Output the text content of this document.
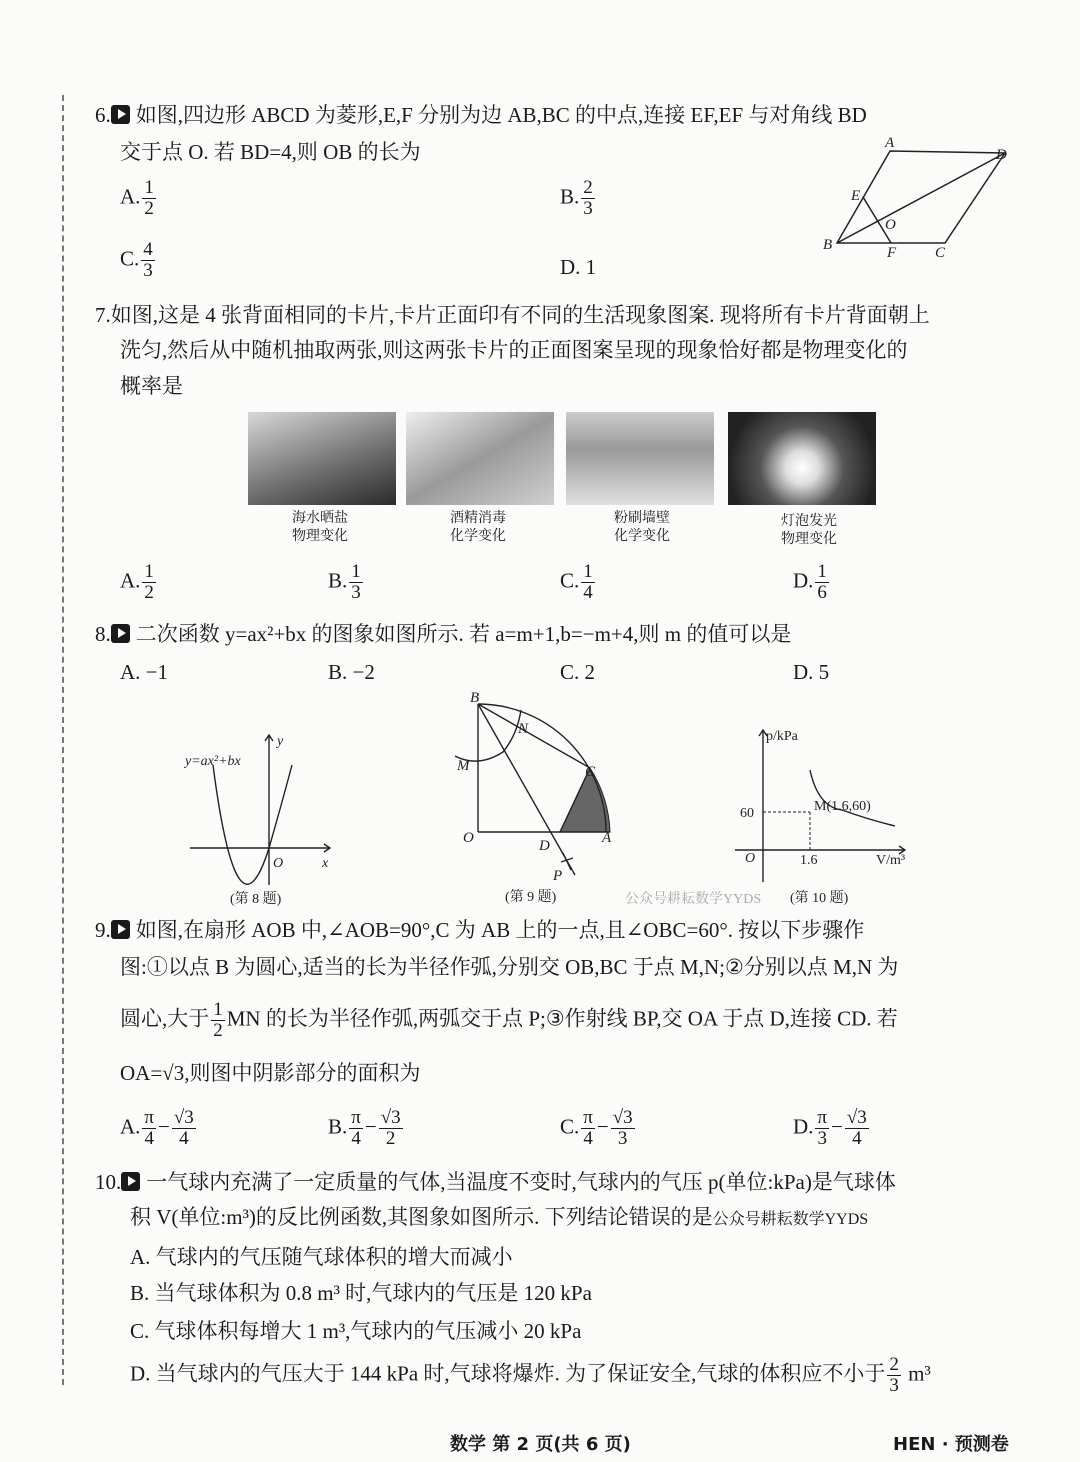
6. 如图,四边形 ABCD 为菱形,E,F 分别为边 AB,BC 的中点,连接 EF,EF 与对角线 BD
交于点 O. 若 BD=4,则 OB 的长为
A. $\frac{1}{2}$	B. $\frac{2}{3}$
C. $\frac{4}{3}$	D. 1
A
D
B	C
E
F
O
7.如图,这是 4 张背面相同的卡片,卡片正面印有不同的生活现象图案. 现将所有卡片背面朝上
洗匀,然后从中随机抽取两张,则这两张卡片的正面图案呈现的现象恰好都是物理变化的
概率是
海水晒盐
物理变化
酒精消毒
化学变化
粉刷墙壁
化学变化
灯泡发光
物理变化
A. $\frac{1}{2}$	B. $\frac{1}{3}$	C. $\frac{1}{4}$	D. $\frac{1}{6}$
8. 二次函数 y=ax²+bx 的图象如图所示. 若 a=m+1,b=−m+4,则 m 的值可以是
A. −1	B. −2	C. 2	D. 5
y=ax²+bx
y
x
O
(第 8 题)
B
N
M	C
O	D	A
P
(第 9 题)
p/kPa
V/m³
60
1.6
M(1.6,60)
O
(第 10 题)
公众号耕耘数学YYDS
9. 如图,在扇形 AOB 中,∠AOB=90°,C 为 AB 上的一点,且∠OBC=60°. 按以下步骤作
图:①以点 B 为圆心,适当的长为半径作弧,分别交 OB,BC 于点 M,N;②分别以点 M,N 为
圆心,大于 $\frac{1}{2}$ MN 的长为半径作弧,两弧交于点 P;③作射线 BP,交 OA 于点 D,连接 CD. 若
OA=√3,则图中阴影部分的面积为
A. $\frac{\pi}{4} - \frac{√3}{4}$	B. $\frac{\pi}{4} - \frac{√3}{2}$	C. $\frac{\pi}{4} - \frac{√3}{3}$	D. $\frac{\pi}{3} - \frac{√3}{4}$
10. 一气球内充满了一定质量的气体,当温度不变时,气球内的气压 p(单位:kPa)是气球体
积 V(单位:m³)的反比例函数,其图象如图所示. 下列结论错误的是公众号耕耘数学YYDS
A. 气球内的气压随气球体积的增大而减小
B. 当气球体积为 0.8 m³ 时,气球内的气压是 120 kPa
C. 气球体积每增大 1 m³,气球内的气压减小 20 kPa
D. 当气球内的气压大于 144 kPa 时,气球将爆炸. 为了保证安全,气球的体积应不小于 $\frac{2}{3} m^3$
数学 第 2 页(共 6 页)	HEN · 预测卷
